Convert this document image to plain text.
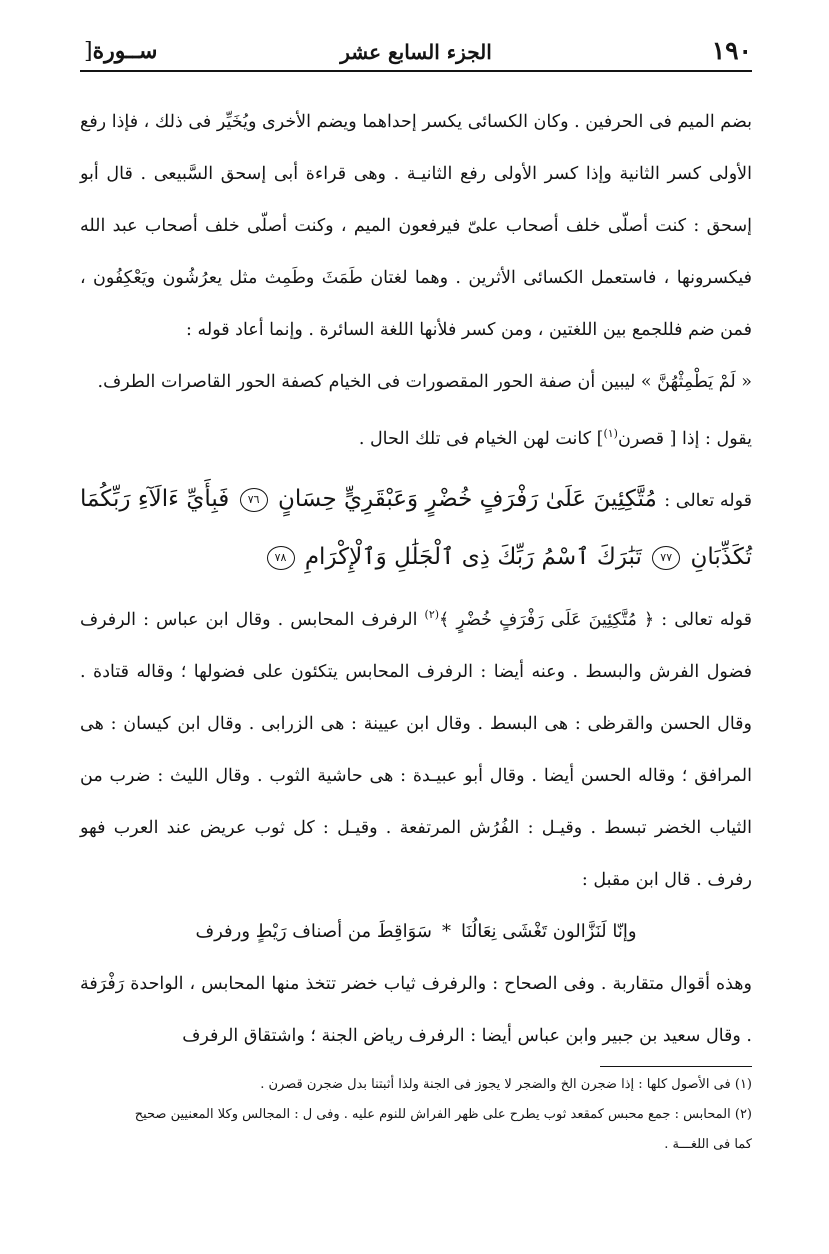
١٩٠
الجزء السابع عشر
ســورة[

بضم الميم فى الحرفين . وكان الكسائى يكسر إحداهما ويضم الأخرى ويُخَيِّر فى ذلك ، فإذا رفع الأولى كسر الثانية وإذا كسر الأولى رفع الثانيـة . وهى قراءة أبى إسحق السَّبيعى . قال أبو إسحق : كنت أصلّى خلف أصحاب علىّ فيرفعون الميم ، وكنت أصلّى خلف أصحاب عبد الله فيكسرونها ، فاستعمل الكسائى الأثرين . وهما لغتان طَمَثَ وطَمِث مثل يعرُشُون ويَعْكِفُون ، فمن ضم فللجمع بين اللغتين ، ومن كسر فلأنها اللغة السائرة . وإنما أعاد قوله :

« لَمْ يَطْمِثْهُنَّ » ليبين أن صفة الحور المقصورات فى الخيام كصفة الحور القاصرات الطرف.

يقول : إذا [ قصرن$^{(١)}$] كانت لهن الخيام فى تلك الحال .

قوله تعالى : مُتَّكِئِينَ عَلَىٰ رَفْرَفٍ خُضْرٍ وَعَبْقَرِيٍّ حِسَانٍ ٧٦ فَبِأَيِّ ءَالَآءِ رَبِّكُمَا تُكَذِّبَانِ ٧٧ تَبَٰرَكَ ٱسْمُ رَبِّكَ ذِى ٱلْجَلَٰلِ وَٱلْإِكْرَامِ ٧٨

قوله تعالى : ﴿ مُتَّكِئِينَ عَلَى رَفْرَفٍ خُضْرٍ ﴾$^{(٢)}$ الرفرف المحابس . وقال ابن عباس : الرفرف فضول الفرش والبسط . وعنه أيضا : الرفرف المحابس يتكئون على فضولها ؛ وقاله قتادة . وقال الحسن والقرظى : هى البسط . وقال ابن عيينة : هى الزرابى . وقال ابن كيسان : هى المرافق ؛ وقاله الحسن أيضا . وقال أبو عبيـدة : هى حاشية الثوب . وقال الليث : ضرب من الثياب الخضر تبسط . وقيـل : الفُرُش المرتفعة . وقيـل : كل ثوب عريض عند العرب فهو رفرف . قال ابن مقبل :

وإنّا لَنَزَّالون تَغْشَى نِعَالُنَا*سَوَاقِطَ من أصناف رَيْطٍ ورفرف

وهذه أقوال متقاربة . وفى الصحاح : والرفرف ثياب خضر تتخذ منها المحابس ، الواحدة رَفْرَفة . وقال سعيد بن جبير وابن عباس أيضا : الرفرف رياض الجنة ؛ واشتقاق الرفرف

(١) فى الأصول كلها : إذا ضجرن الخ والضجر لا يجوز فى الجنة ولذا أثبتنا بدل ضجرن قصرن .

(٢) المحابس : جمع محبس كمقعد ثوب يطرح على ظهر الفراش للنوم عليه . وفى ل : المجالس وكلا المعنيين صحيح

كما فى اللغـــة .
